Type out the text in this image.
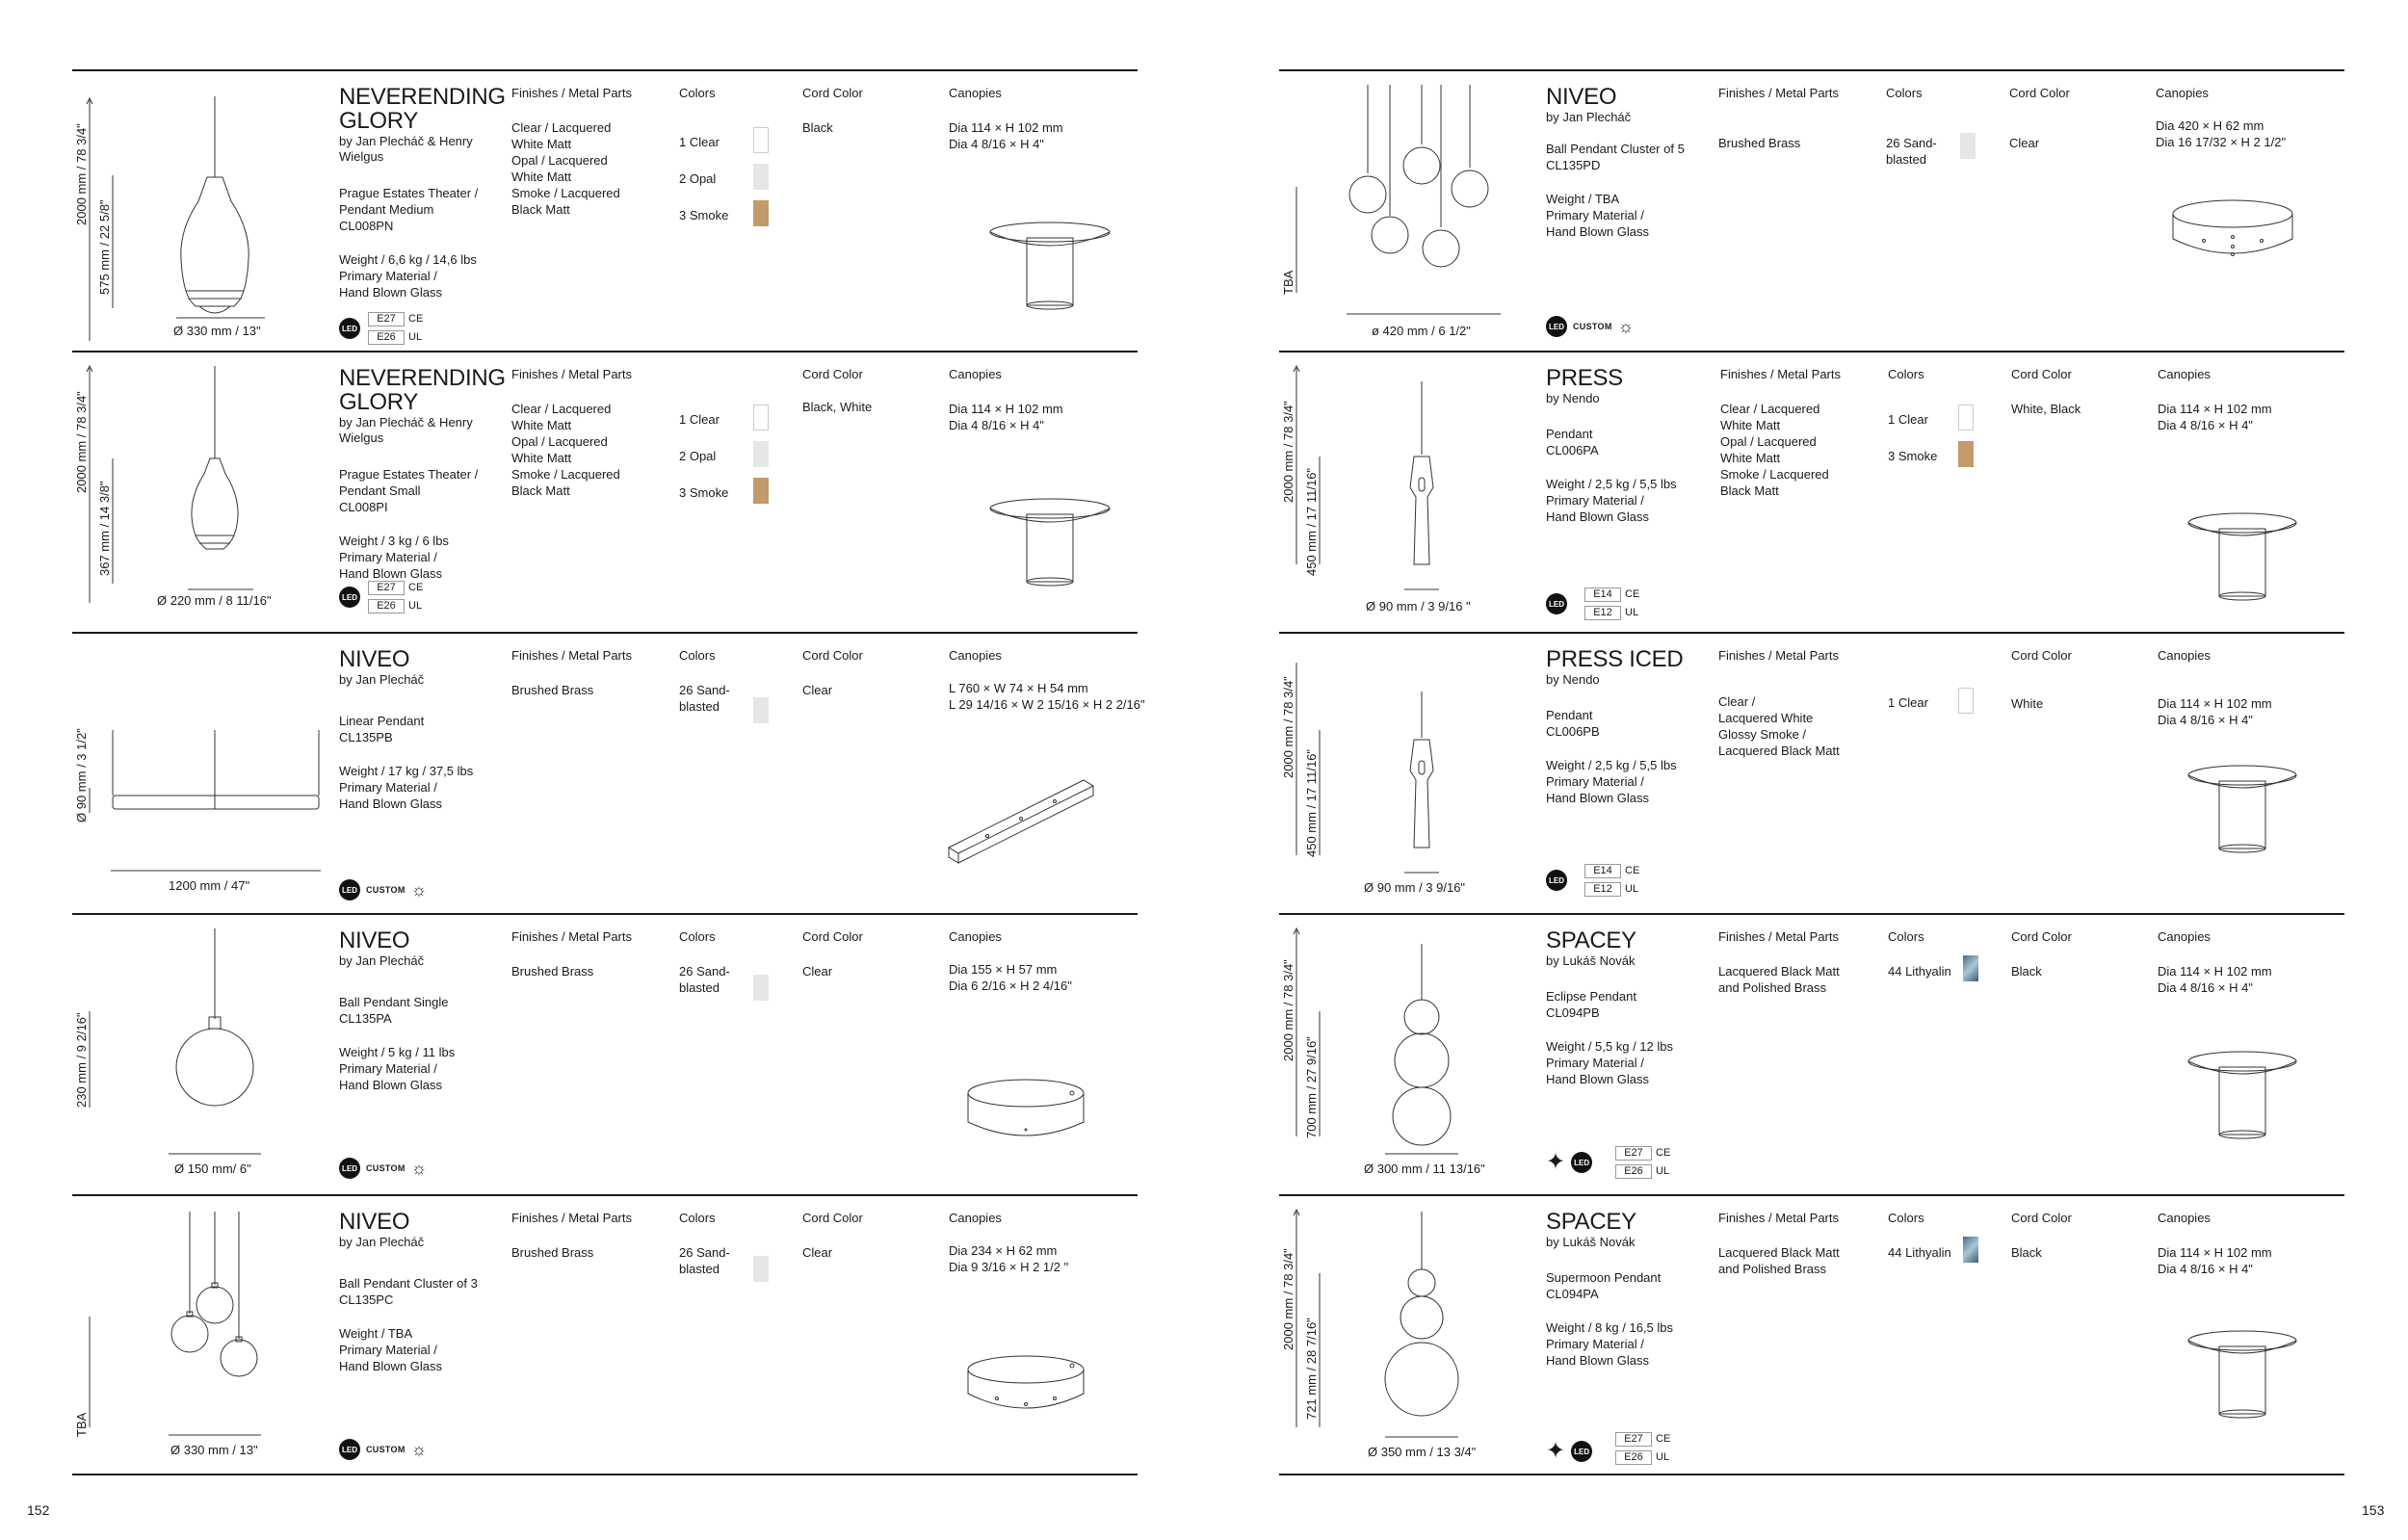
2000 mm / 78 3/4"
575 mm / 22 5/8"
Ø 330 mm / 13"
NEVERENDING GLORY
by Jan Plecháč & Henry Wielgus
Prague Estates Theater /
Pendant Medium
CL008PN
Weight / 6,6 kg / 14,6 lbs
Primary Material /
Hand Blown Glass
LED
E27 CE
E26 UL
Finishes / Metal Parts
Clear / Lacquered
White Matt
Opal / Lacquered
White Matt
Smoke / Lacquered
Black Matt
Colors
1 Clear
2 Opal
3 Smoke
Cord Color
Black
Canopies
Dia 114 × H 102 mm
Dia 4 8/16 × H 4"
2000 mm / 78 3/4"
367 mm / 14 3/8"
Ø 220 mm / 8 11/16"
NEVERENDING GLORY
by Jan Plecháč & Henry Wielgus
Prague Estates Theater /
Pendant Small
CL008PI
Weight / 3 kg / 6 lbs
Primary Material /
Hand Blown Glass
LED
E27 CE
E26 UL
Finishes / Metal Parts
Clear / Lacquered
White Matt
Opal / Lacquered
White Matt
Smoke / Lacquered
Black Matt
1 Clear
2 Opal
3 Smoke
Cord Color
Black, White
Canopies
Dia 114 × H 102 mm
Dia 4 8/16 × H 4"
Ø 90 mm / 3 1/2"
1200 mm / 47"
NIVEO
by Jan Plecháč
Linear Pendant
CL135PB
Weight / 17 kg / 37,5 lbs
Primary Material /
Hand Blown Glass
LED	CUSTOM ☼
Finishes / Metal Parts
Brushed Brass
Colors
26 Sand-
blasted
Cord Color
Clear
Canopies
L 760 × W 74 × H 54 mm
L 29 14/16 × W 2 15/16 × H 2 2/16"
230 mm / 9 2/16"
Ø 150 mm/ 6"
NIVEO
by Jan Plecháč
Ball Pendant Single
CL135PA
Weight / 5 kg / 11 lbs
Primary Material /
Hand Blown Glass
LED	CUSTOM ☼
Finishes / Metal Parts
Brushed Brass
Colors
26 Sand-
blasted
Cord Color
Clear
Canopies
Dia 155 × H 57 mm
Dia 6 2/16 × H 2 4/16"
TBA
Ø 330 mm / 13"
NIVEO
by Jan Plecháč
Ball Pendant Cluster of 3
CL135PC
Weight / TBA
Primary Material /
Hand Blown Glass
LED	CUSTOM ☼
Finishes / Metal Parts
Brushed Brass
Colors
26 Sand-
blasted
Cord Color
Clear
Canopies
Dia 234 × H 62 mm
Dia 9 3/16 × H 2 1/2 "
TBA
ø 420 mm / 6 1/2"
NIVEO
by Jan Plecháč
Ball Pendant Cluster of 5
CL135PD
Weight / TBA
Primary Material /
Hand Blown Glass
LED	CUSTOM ☼
Finishes / Metal Parts
Brushed Brass
Colors
26 Sand-
blasted
Cord Color
Clear
Canopies
Dia 420 × H 62 mm
Dia 16 17/32 × H 2 1/2"
2000 mm / 78 3/4"
450 mm / 17 11/16"
Ø 90 mm / 3 9/16 "
PRESS
by Nendo
Pendant
CL006PA
Weight / 2,5 kg / 5,5 lbs
Primary Material /
Hand Blown Glass
LED
E14 CE
E12 UL
Finishes / Metal Parts
Clear / Lacquered
White Matt
Opal / Lacquered
White Matt
Smoke / Lacquered
Black Matt
Colors
1 Clear
3 Smoke
Cord Color
White, Black
Canopies
Dia 114 × H 102 mm
Dia 4 8/16 × H 4"
2000 mm / 78 3/4"
450 mm / 17 11/16"
Ø 90 mm / 3 9/16"
PRESS ICED
by Nendo
Pendant
CL006PB
Weight / 2,5 kg / 5,5 lbs
Primary Material /
Hand Blown Glass
LED
E14 CE
E12 UL
Finishes / Metal Parts
Clear /
Lacquered White
Glossy Smoke /
Lacquered Black Matt
1 Clear
Cord Color
White
Canopies
Dia 114 × H 102 mm
Dia 4 8/16 × H 4"
2000 mm / 78 3/4"
700 mm / 27 9/16"
Ø 300 mm / 11 13/16"
SPACEY
by Lukáš Novák
Eclipse Pendant
CL094PB
Weight / 5,5 kg / 12 lbs
Primary Material /
Hand Blown Glass
✦	LED
E27 CE
E26 UL
Finishes / Metal Parts
Lacquered Black Matt
and Polished Brass
Colors
44 Lithyalin
Cord Color
Black
Canopies
Dia 114 × H 102 mm
Dia 4 8/16 × H 4"
2000 mm / 78 3/4"
721 mm / 28 7/16"
Ø 350 mm / 13 3/4"
SPACEY
by Lukáš Novák
Supermoon Pendant
CL094PA
Weight / 8 kg / 16,5 lbs
Primary Material /
Hand Blown Glass
✦	LED
E27 CE
E26 UL
Finishes / Metal Parts
Lacquered Black Matt
and Polished Brass
Colors
44 Lithyalin
Cord Color
Black
Canopies
Dia 114 × H 102 mm
Dia 4 8/16 × H 4"
152	153
